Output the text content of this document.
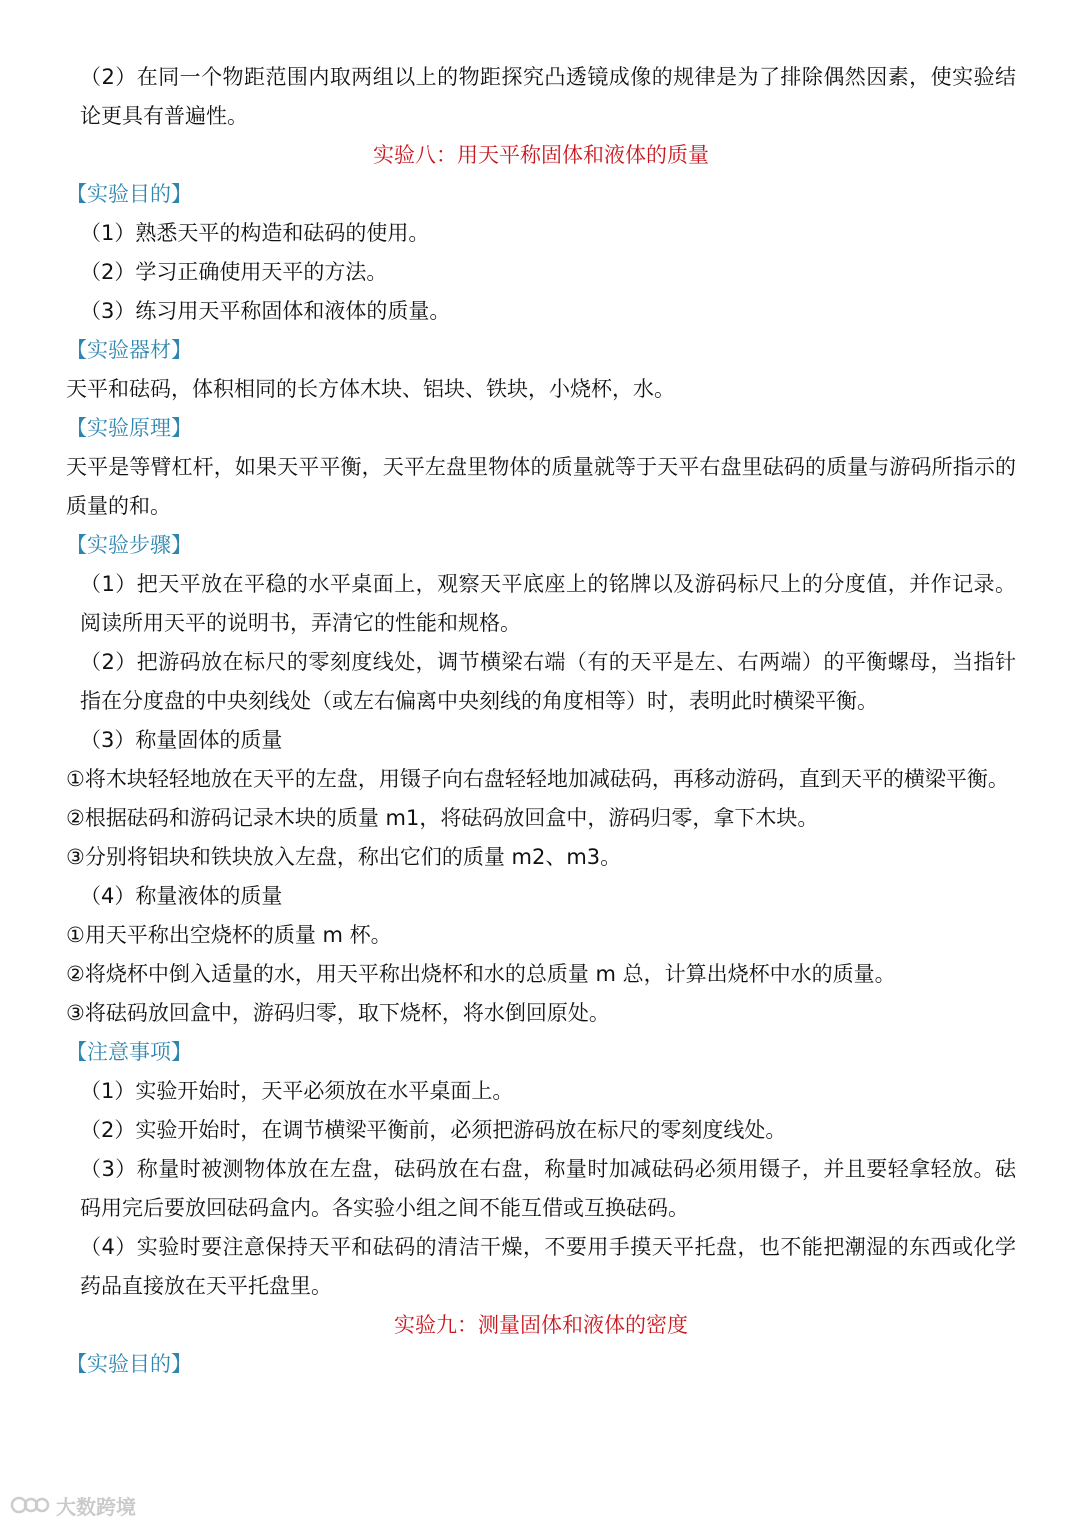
（2）在同一个物距范围内取两组以上的物距探究凸透镜成像的规律是为了排除偶然因素，使实验结论更具有普遍性。

实验八：用天平称固体和液体的质量

【实验目的】

（1）熟悉天平的构造和砝码的使用。

（2）学习正确使用天平的方法。

（3）练习用天平称固体和液体的质量。

【实验器材】

天平和砝码，体积相同的长方体木块、铝块、铁块，小烧杯，水。

【实验原理】

天平是等臂杠杆，如果天平平衡，天平左盘里物体的质量就等于天平右盘里砝码的质量与游码所指示的质量的和。

【实验步骤】

（1）把天平放在平稳的水平桌面上，观察天平底座上的铭牌以及游码标尺上的分度值，并作记录。阅读所用天平的说明书，弄清它的性能和规格。

（2）把游码放在标尺的零刻度线处，调节横梁右端（有的天平是左、右两端）的平衡螺母，当指针指在分度盘的中央刻线处（或左右偏离中央刻线的角度相等）时，表明此时横梁平衡。

（3）称量固体的质量

①将木块轻轻地放在天平的左盘，用镊子向右盘轻轻地加减砝码，再移动游码，直到天平的横梁平衡。

②根据砝码和游码记录木块的质量 m1，将砝码放回盒中，游码归零，拿下木块。

③分别将铝块和铁块放入左盘，称出它们的质量 m2、m3。

（4）称量液体的质量

①用天平称出空烧杯的质量 m 杯。

②将烧杯中倒入适量的水，用天平称出烧杯和水的总质量 m 总，计算出烧杯中水的质量。

③将砝码放回盒中，游码归零，取下烧杯，将水倒回原处。

【注意事项】

（1）实验开始时，天平必须放在水平桌面上。

（2）实验开始时，在调节横梁平衡前，必须把游码放在标尺的零刻度线处。

（3）称量时被测物体放在左盘，砝码放在右盘，称量时加减砝码必须用镊子，并且要轻拿轻放。砝码用完后要放回砝码盒内。各实验小组之间不能互借或互换砝码。

（4）实验时要注意保持天平和砝码的清洁干燥，不要用手摸天平托盘，也不能把潮湿的东西或化学药品直接放在天平托盘里。

实验九：测量固体和液体的密度

【实验目的】

大数跨境
